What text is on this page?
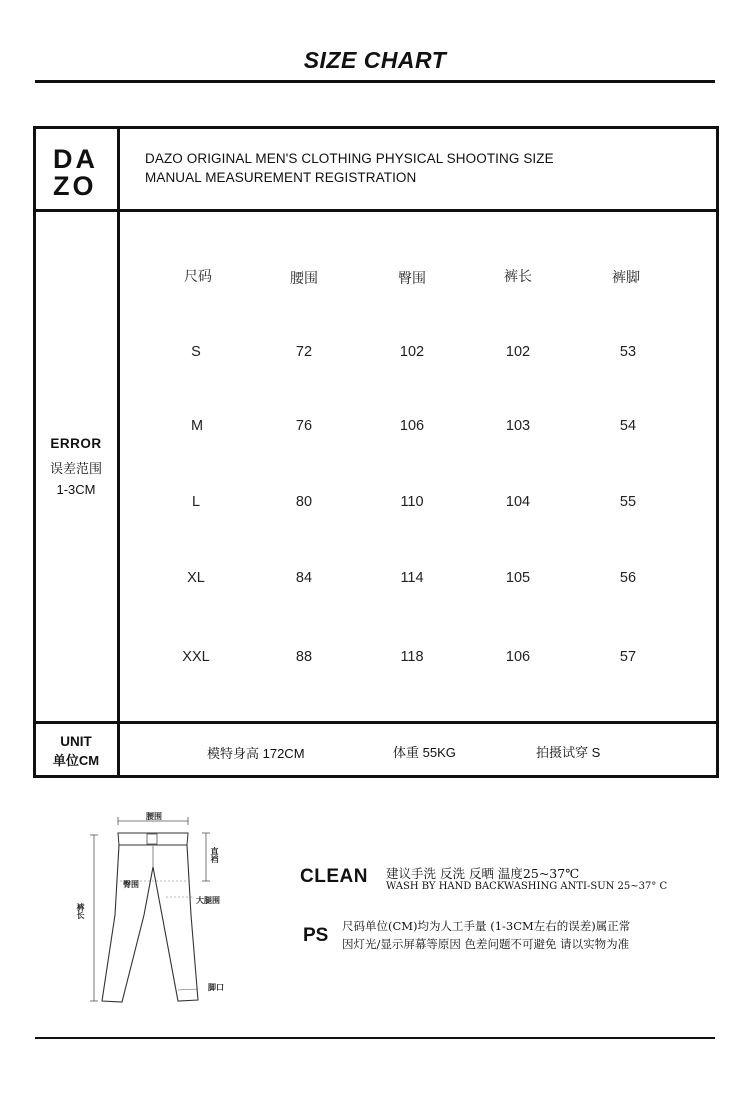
SIZE CHART
DA
ZO
DAZO ORIGINAL MEN'S CLOTHING PHYSICAL SHOOTING SIZE
MANUAL MEASUREMENT REGISTRATION
ERROR
误差范围
1-3CM
尺码	腰围	臀围	裤长	裤脚
S	72	102	102	53
M	76	106	103	54
L	80	110	104	55
XL	84	114	105	56
XXL	88	118	106	57
UNIT
单位CM	模特身高 172CM	体重 55KG	拍摄试穿 S
腰围
直裆
臀围
大腿围
裤长
脚口
CLEAN 建议手洗 反洗 反晒 温度25~37℃
WASH BY HAND BACKWASHING ANTI-SUN 25~37° C
PS 尺码单位(CM)均为人工手量 (1-3CM左右的误差)属正常
因灯光/显示屏幕等原因 色差问题不可避免 请以实物为准
